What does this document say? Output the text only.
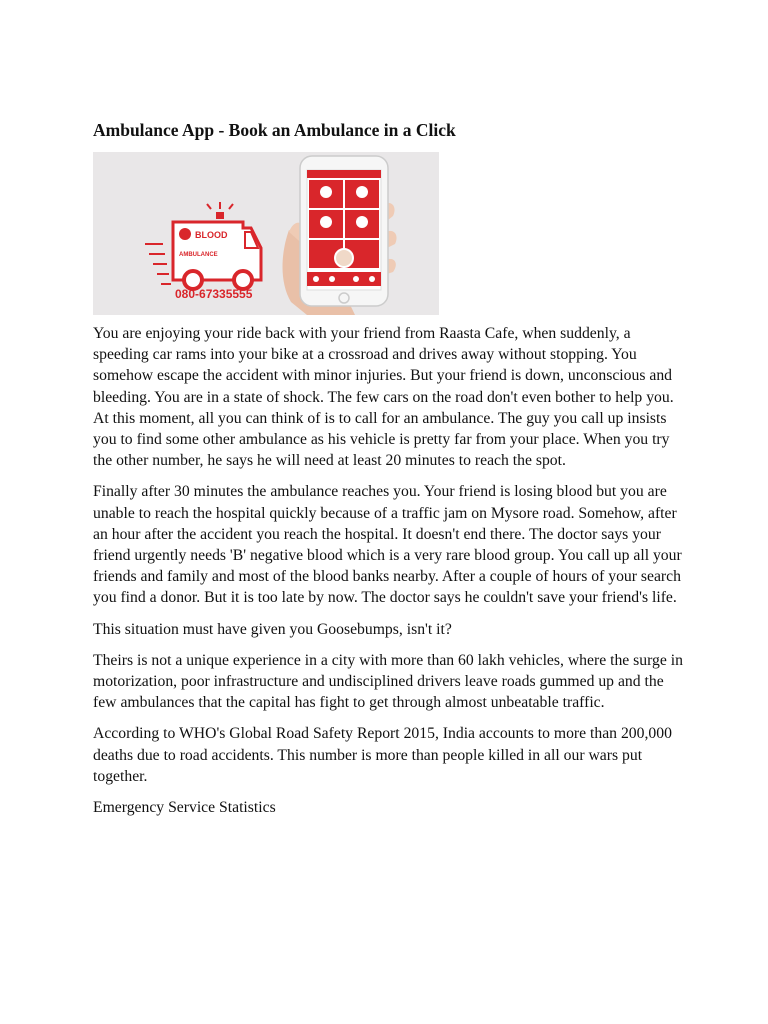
Ambulance App - Book an Ambulance in a Click
BLOOD
AMBULANCE
080-67335555

You are enjoying your ride back with your friend from Raasta Cafe, when suddenly, a speeding car rams into your bike at a crossroad and drives away without stopping. You somehow escape the accident with minor injuries. But your friend is down, unconscious and bleeding. You are in a state of shock. The few cars on the road don't even bother to help you. At this moment, all you can think of is to call for an ambulance. The guy you call up insists you to find some other ambulance as his vehicle is pretty far from your place. When you try the other number, he says he will need at least 20 minutes to reach the spot.

Finally after 30 minutes the ambulance reaches you. Your friend is losing blood but you are unable to reach the hospital quickly because of a traffic jam on Mysore road. Somehow, after an hour after the accident you reach the hospital. It doesn't end there. The doctor says your friend urgently needs 'B' negative blood which is a very rare blood group. You call up all your friends and family and most of the blood banks nearby. After a couple of hours of your search you find a donor. But it is too late by now. The doctor says he couldn't save your friend's life.

This situation must have given you Goosebumps, isn't it?

Theirs is not a unique experience in a city with more than 60 lakh vehicles, where the surge in motorization, poor infrastructure and undisciplined drivers leave roads gummed up and the few ambulances that the capital has fight to get through almost unbeatable traffic.

According to WHO's Global Road Safety Report 2015, India accounts to more than 200,000 deaths due to road accidents. This number is more than people killed in all our wars put together.

Emergency Service Statistics
